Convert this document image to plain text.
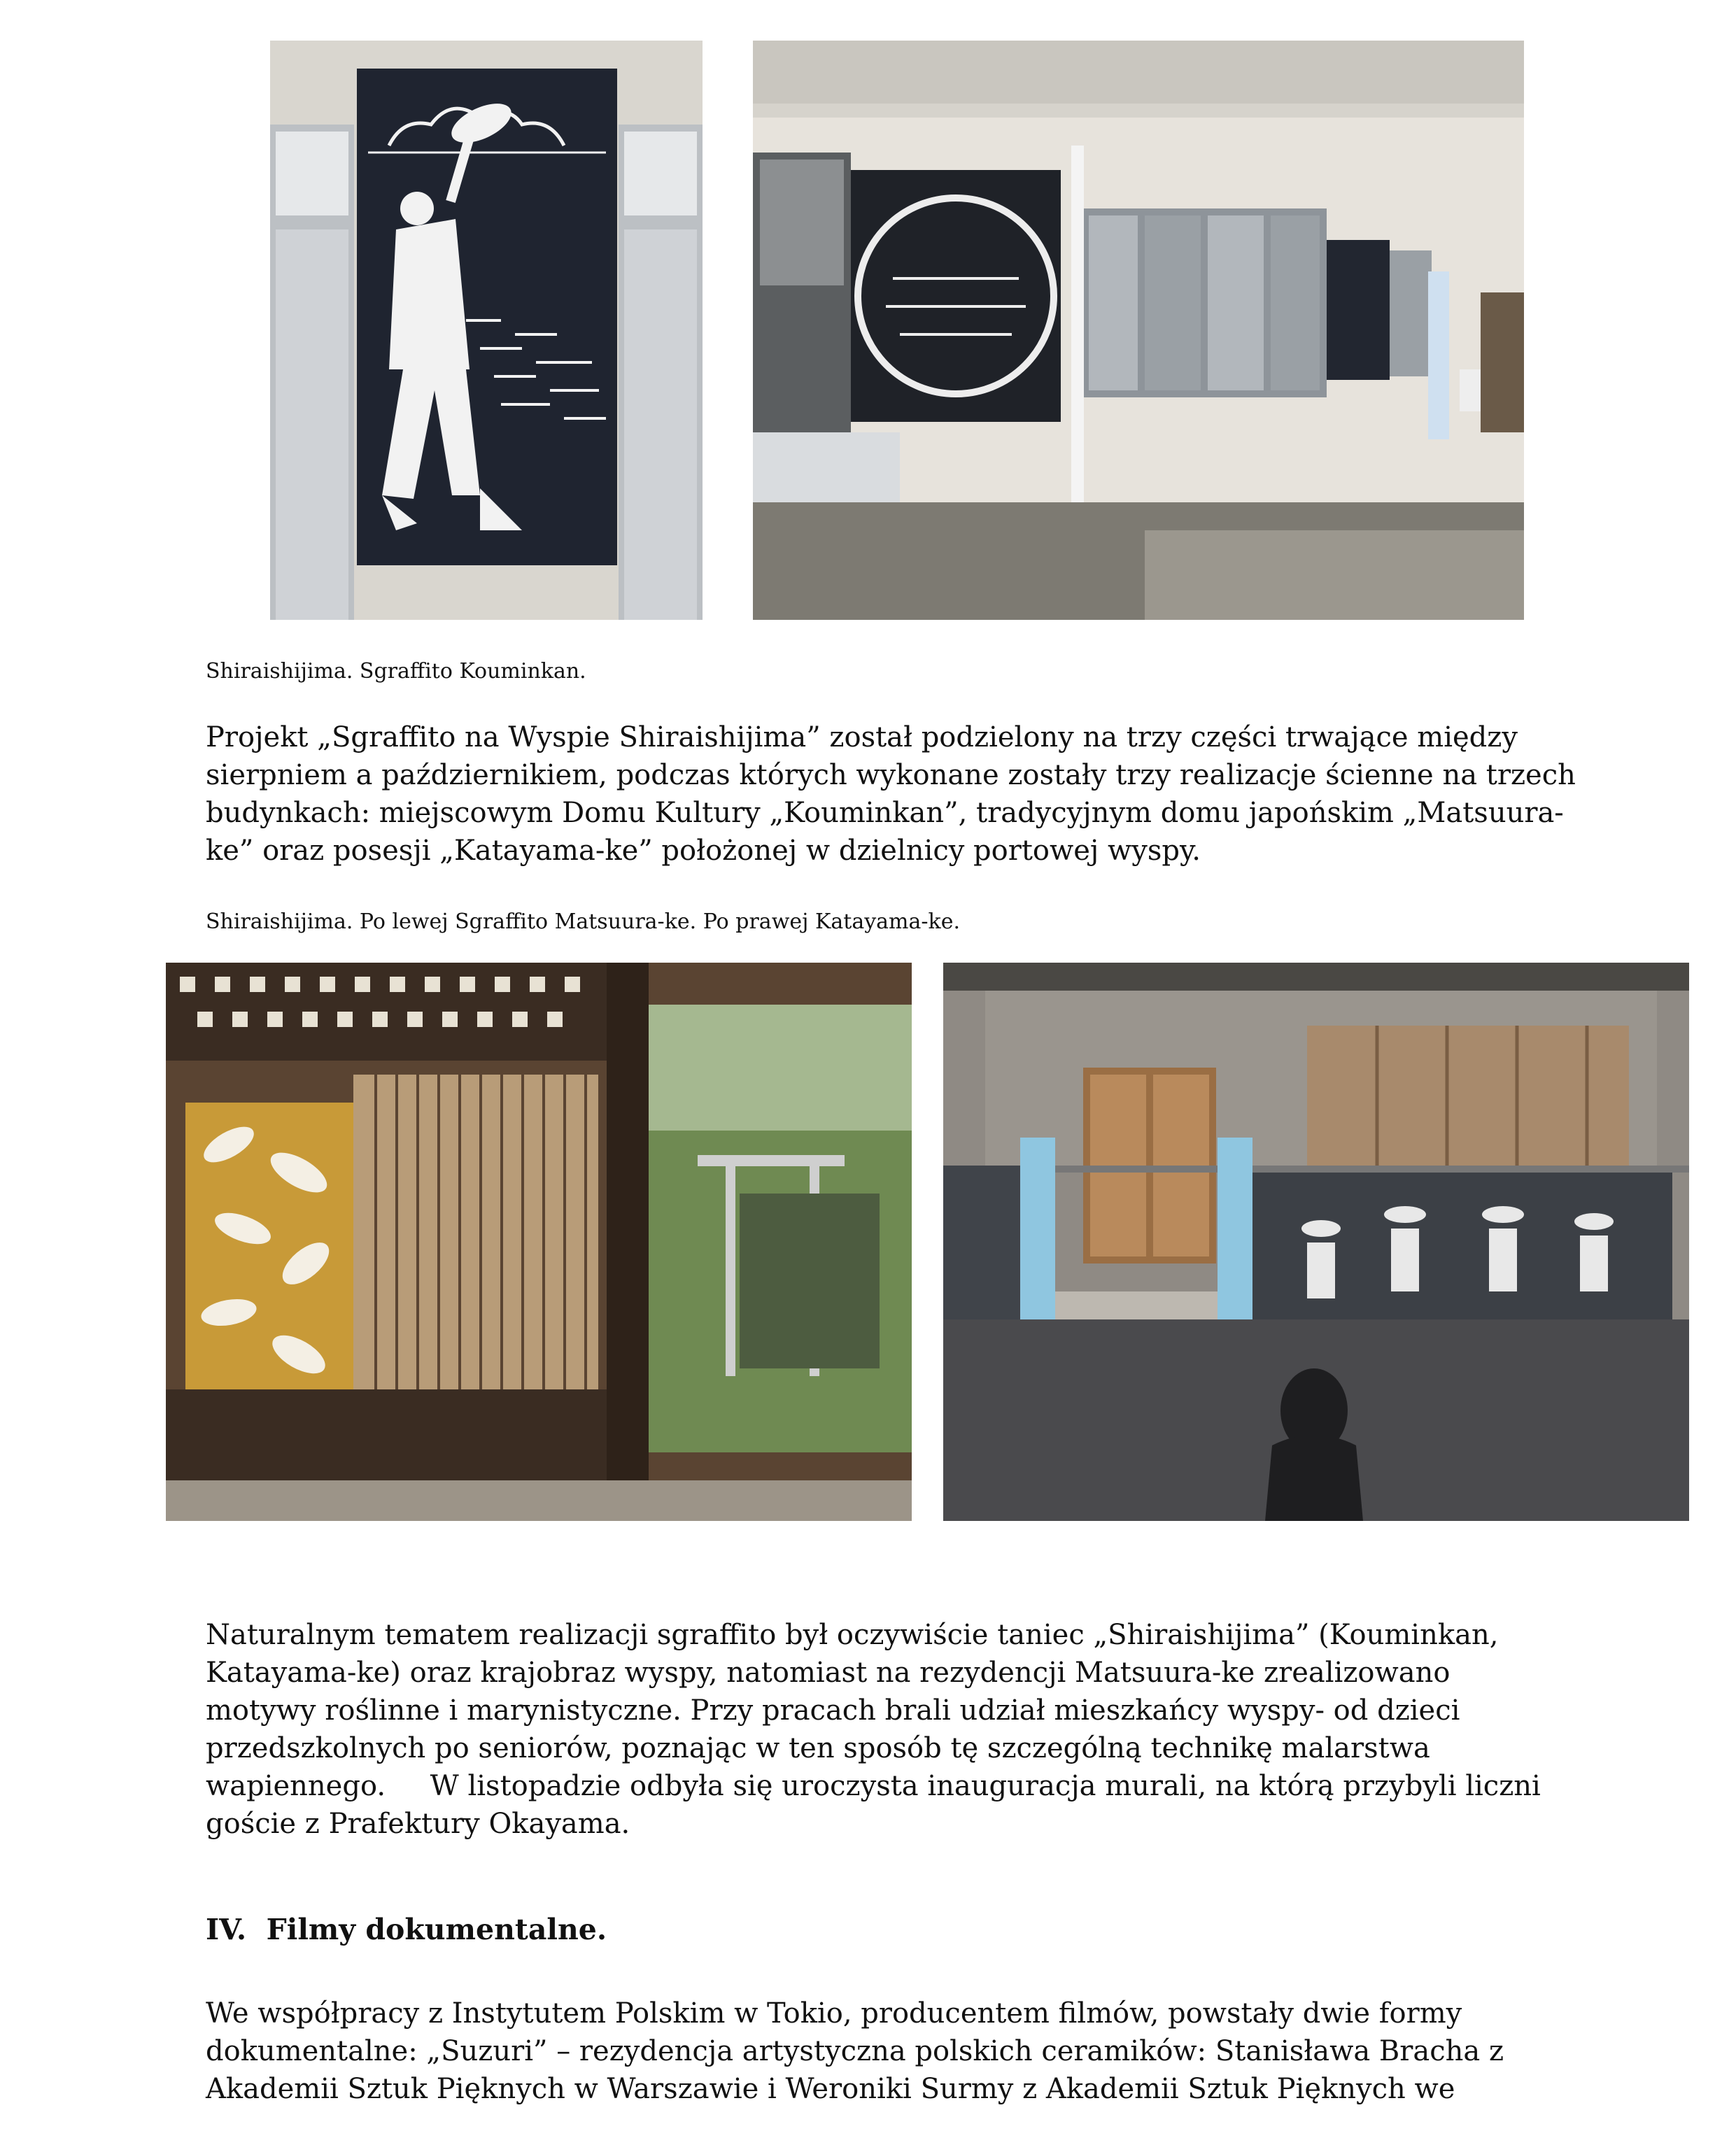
Shiraishijima. Sgraffito Kouminkan.

Projekt „Sgraffito na Wyspie Shiraishijima” został podzielony na trzy części trwające między
sierpniem a październikiem, podczas których wykonane zostały trzy realizacje ścienne na trzech
budynkach: miejscowym Domu Kultury „Kouminkan”, tradycyjnym domu japońskim „Matsuura-
ke” oraz posesji „Katayama-ke” położonej w dzielnicy portowej wyspy.

Shiraishijima. Po lewej Sgraffito Matsuura-ke. Po prawej Katayama-ke.

Naturalnym tematem realizacji sgraffito był oczywiście taniec „Shiraishijima” (Kouminkan,
Katayama-ke) oraz krajobraz wyspy, natomiast na rezydencji Matsuura-ke zrealizowano
motywy roślinne i marynistyczne. Przy pracach brali udział mieszkańcy wyspy- od dzieci
przedszkolnych po seniorów, poznając w ten sposób tę szczególną technikę malarstwa
wapiennego.     W listopadzie odbyła się uroczysta inauguracja murali, na którą przybyli liczni
goście z Prafektury Okayama.

IV.  Filmy dokumentalne.

We współpracy z Instytutem Polskim w Tokio, producentem filmów, powstały dwie formy
dokumentalne: „Suzuri” – rezydencja artystyczna polskich ceramików: Stanisława Bracha z
Akademii Sztuk Pięknych w Warszawie i Weroniki Surmy z Akademii Sztuk Pięknych we
